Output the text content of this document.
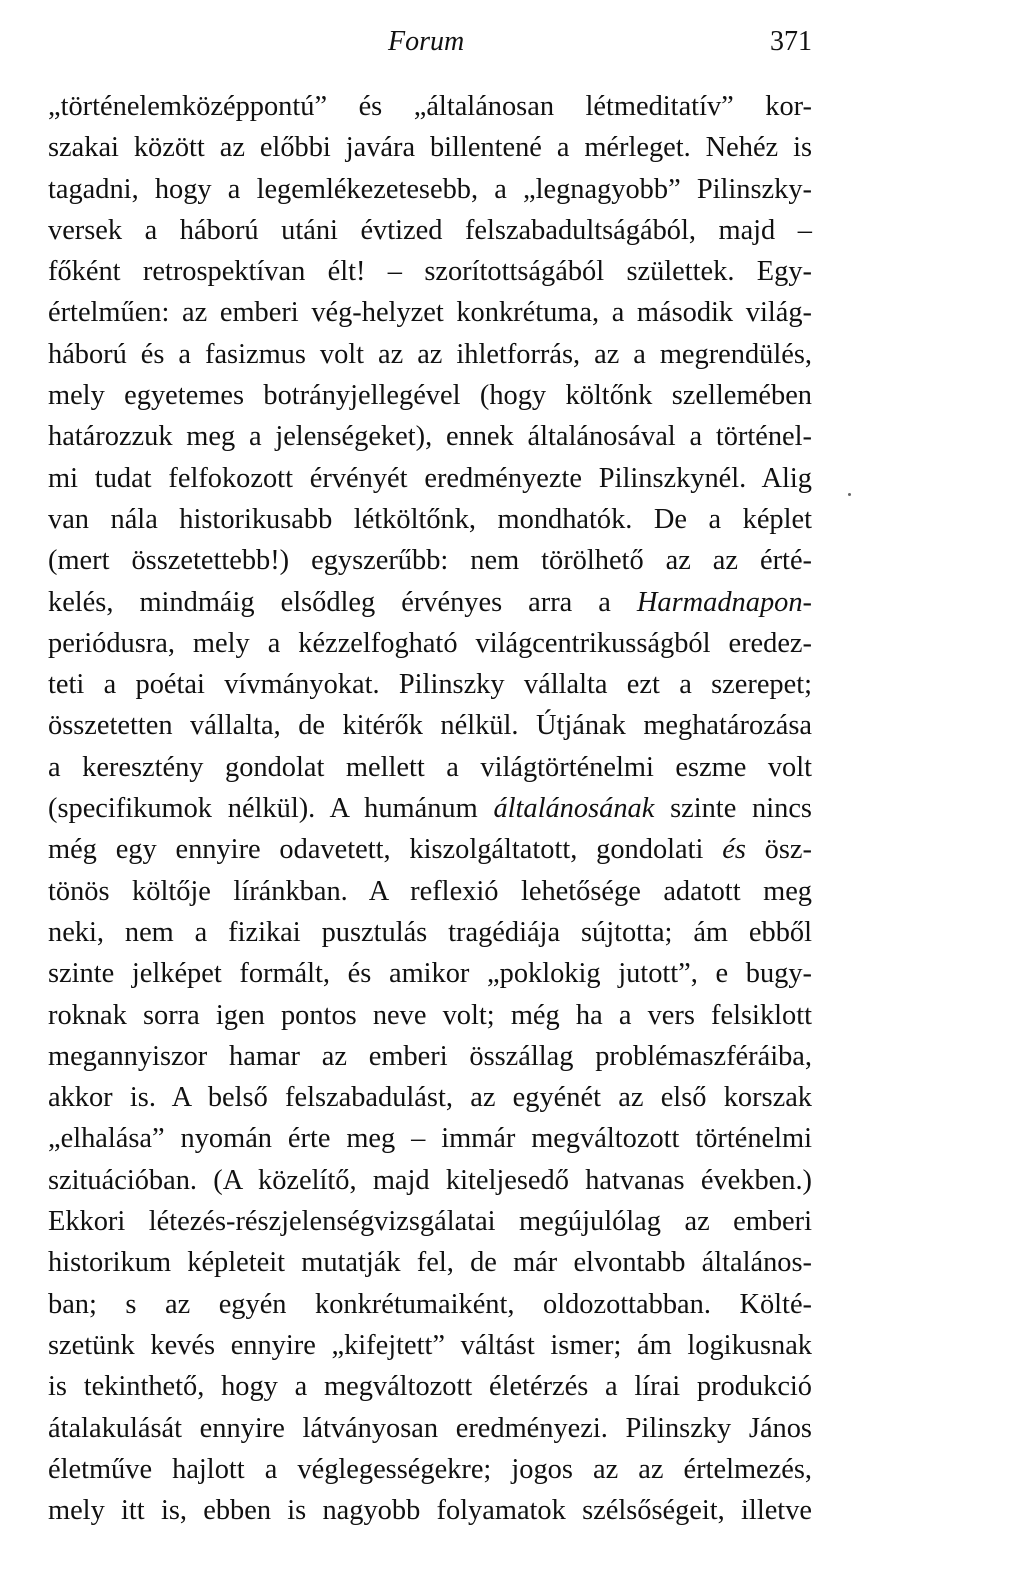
Forum	371
„történelemközéppontú” és „általánosan létmeditatív” kor-
szakai között az előbbi javára billentené a mérleget. Nehéz is
tagadni, hogy a legemlékezetesebb, a „legnagyobb” Pilinszky-
versek a háború utáni évtized felszabadultságából, majd –
főként retrospektívan élt! – szorítottságából születtek. Egy-
értelműen: az emberi vég-helyzet konkrétuma, a második világ-
háború és a fasizmus volt az az ihletforrás, az a megrendülés,
mely egyetemes botrányjellegével (hogy költőnk szellemében
határozzuk meg a jelenségeket), ennek általánosával a történel-
mi tudat felfokozott érvényét eredményezte Pilinszkynél. Alig
van nála historikusabb létköltőnk, mondhatók. De a képlet
(mert összetettebb!) egyszerűbb: nem törölhető az az érté-
kelés, mindmáig elsődleg érvényes arra a Harmadnapon-
periódusra, mely a kézzelfogható világcentrikusságból eredez-
teti a poétai vívmányokat. Pilinszky vállalta ezt a szerepet;
összetetten vállalta, de kitérők nélkül. Útjának meghatározása
a keresztény gondolat mellett a világtörténelmi eszme volt
(specifikumok nélkül). A humánum általánosának szinte nincs
még egy ennyire odavetett, kiszolgáltatott, gondolati és ösz-
tönös költője líránkban. A reflexió lehetősége adatott meg
neki, nem a fizikai pusztulás tragédiája sújtotta; ám ebből
szinte jelképet formált, és amikor „poklokig jutott”, e bugy-
roknak sorra igen pontos neve volt; még ha a vers felsiklott
megannyiszor hamar az emberi összállag problémaszféráiba,
akkor is. A belső felszabadulást, az egyénét az első korszak
„elhalása” nyomán érte meg – immár megváltozott történelmi
szituációban. (A közelítő, majd kiteljesedő hatvanas években.)
Ekkori létezés-részjelenségvizsgálatai megújulólag az emberi
historikum képleteit mutatják fel, de már elvontabb általános-
ban; s az egyén konkrétumaiként, oldozottabban. Költé-
szetünk kevés ennyire „kifejtett” váltást ismer; ám logikusnak
is tekinthető, hogy a megváltozott életérzés a lírai produkció
átalakulását ennyire látványosan eredményezi. Pilinszky János
életműve hajlott a véglegességekre; jogos az az értelmezés,
mely itt is, ebben is nagyobb folyamatok szélsőségeit, illetve
